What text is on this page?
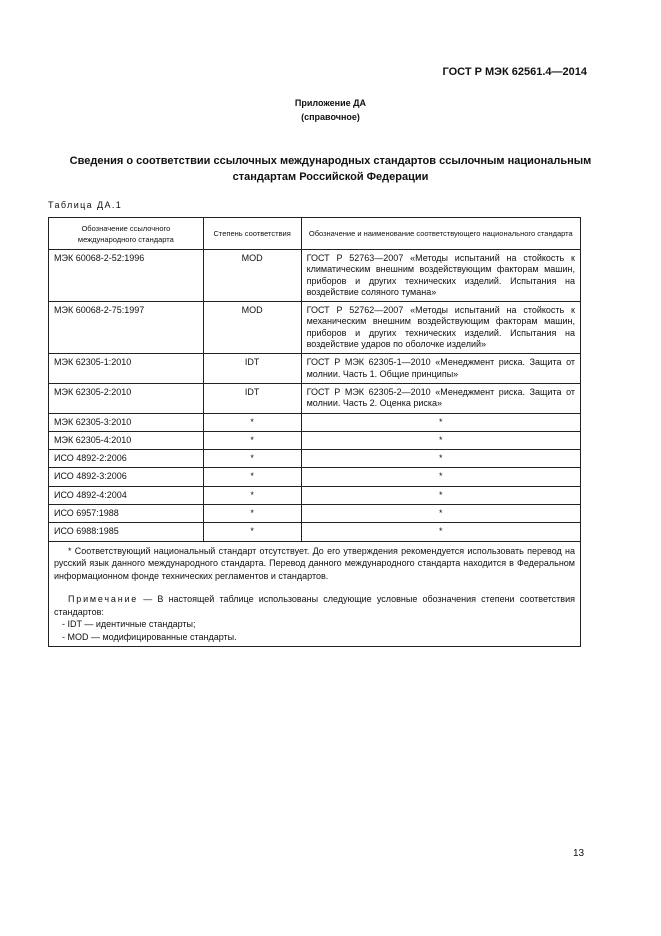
ГОСТ Р МЭК 62561.4—2014
Приложение ДА
(справочное)
Сведения о соответствии ссылочных международных стандартов ссылочным национальным стандартам Российской Федерации
Таблица ДА.1
Обозначение ссылочного международного стандарта	Степень соответствия	Обозначение и наименование соответствующего национального стандарта
МЭК 60068-2-52:1996	MOD	ГОСТ Р 52763—2007 «Методы испытаний на стойкость к климатическим внешним воздействующим факторам машин, приборов и других технических изделий. Испытания на воздействие соляного тумана»
МЭК 60068-2-75:1997	MOD	ГОСТ Р 52762—2007 «Методы испытаний на стойкость к механическим внешним воздействующим факторам машин, приборов и других технических изделий. Испытания на воздействие ударов по оболочке изделий»
МЭК 62305-1:2010	IDT	ГОСТ Р МЭК 62305-1—2010 «Менеджмент риска. Защита от молнии. Часть 1. Общие принципы»
МЭК 62305-2:2010	IDT	ГОСТ Р МЭК 62305-2—2010 «Менеджмент риска. Защита от молнии. Часть 2. Оценка риска»
МЭК 62305-3:2010	*	*
МЭК 62305-4:2010	*	*
ИСО 4892-2:2006	*	*
ИСО 4892-3:2006	*	*
ИСО 4892-4:2004	*	*
ИСО 6957:1988	*	*
ИСО 6988:1985	*	*

* Соответствующий национальный стандарт отсутствует. До его утверждения рекомендуется использовать перевод на русский язык данного международного стандарта. Перевод данного международного стандарта находится в Федеральном информационном фонде технических регламентов и стандартов.

Примечание — В настоящей таблице использованы следующие условные обозначения степени соответствия стандартов:

- IDT — идентичные стандарты;
- MOD — модифицированные стандарты.		
13
